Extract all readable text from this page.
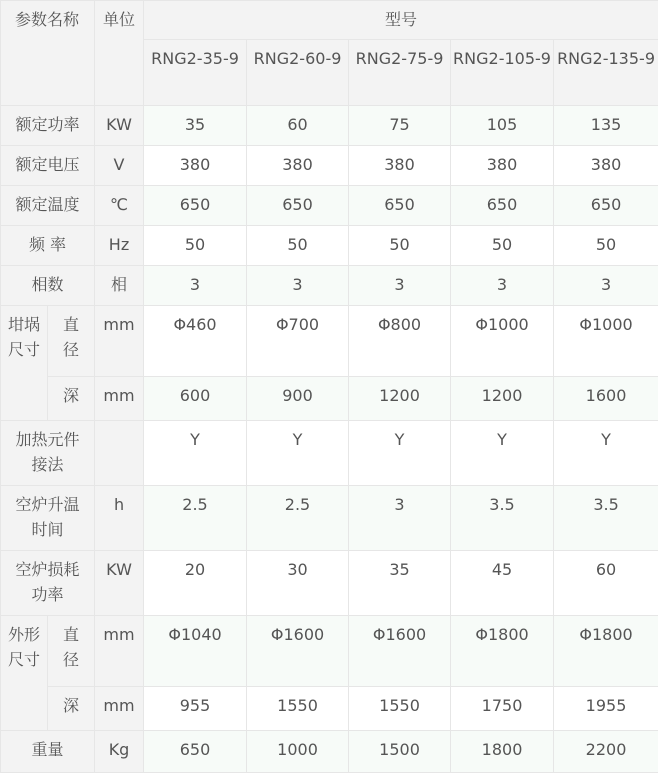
参数名称		单位	型号				
			RNG2-35-9	RNG2-60-9	RNG2-75-9	RNG2-105-9	RNG2-135-9
额定功率		KW	35	60	75	105	135
额定电压		V	380	380	380	380	380
额定温度		℃	650	650	650	650	650
频 率		Hz	50	50	50	50	50
相数		相	3	3	3	3	3
坩埚尺寸	直径	mm	Φ460	Φ700	Φ800	Φ1000	Φ1000
	深	mm	600	900	1200	1200	1600
加热元件接法			Y	Y	Y	Y	Y
空炉升温时间		h	2.5	2.5	3	3.5	3.5
空炉损耗功率		KW	20	30	35	45	60
外形尺寸	直径	mm	Φ1040	Φ1600	Φ1600	Φ1800	Φ1800
	深	mm	955	1550	1550	1750	1955
重量		Kg	650	1000	1500	1800	2200
